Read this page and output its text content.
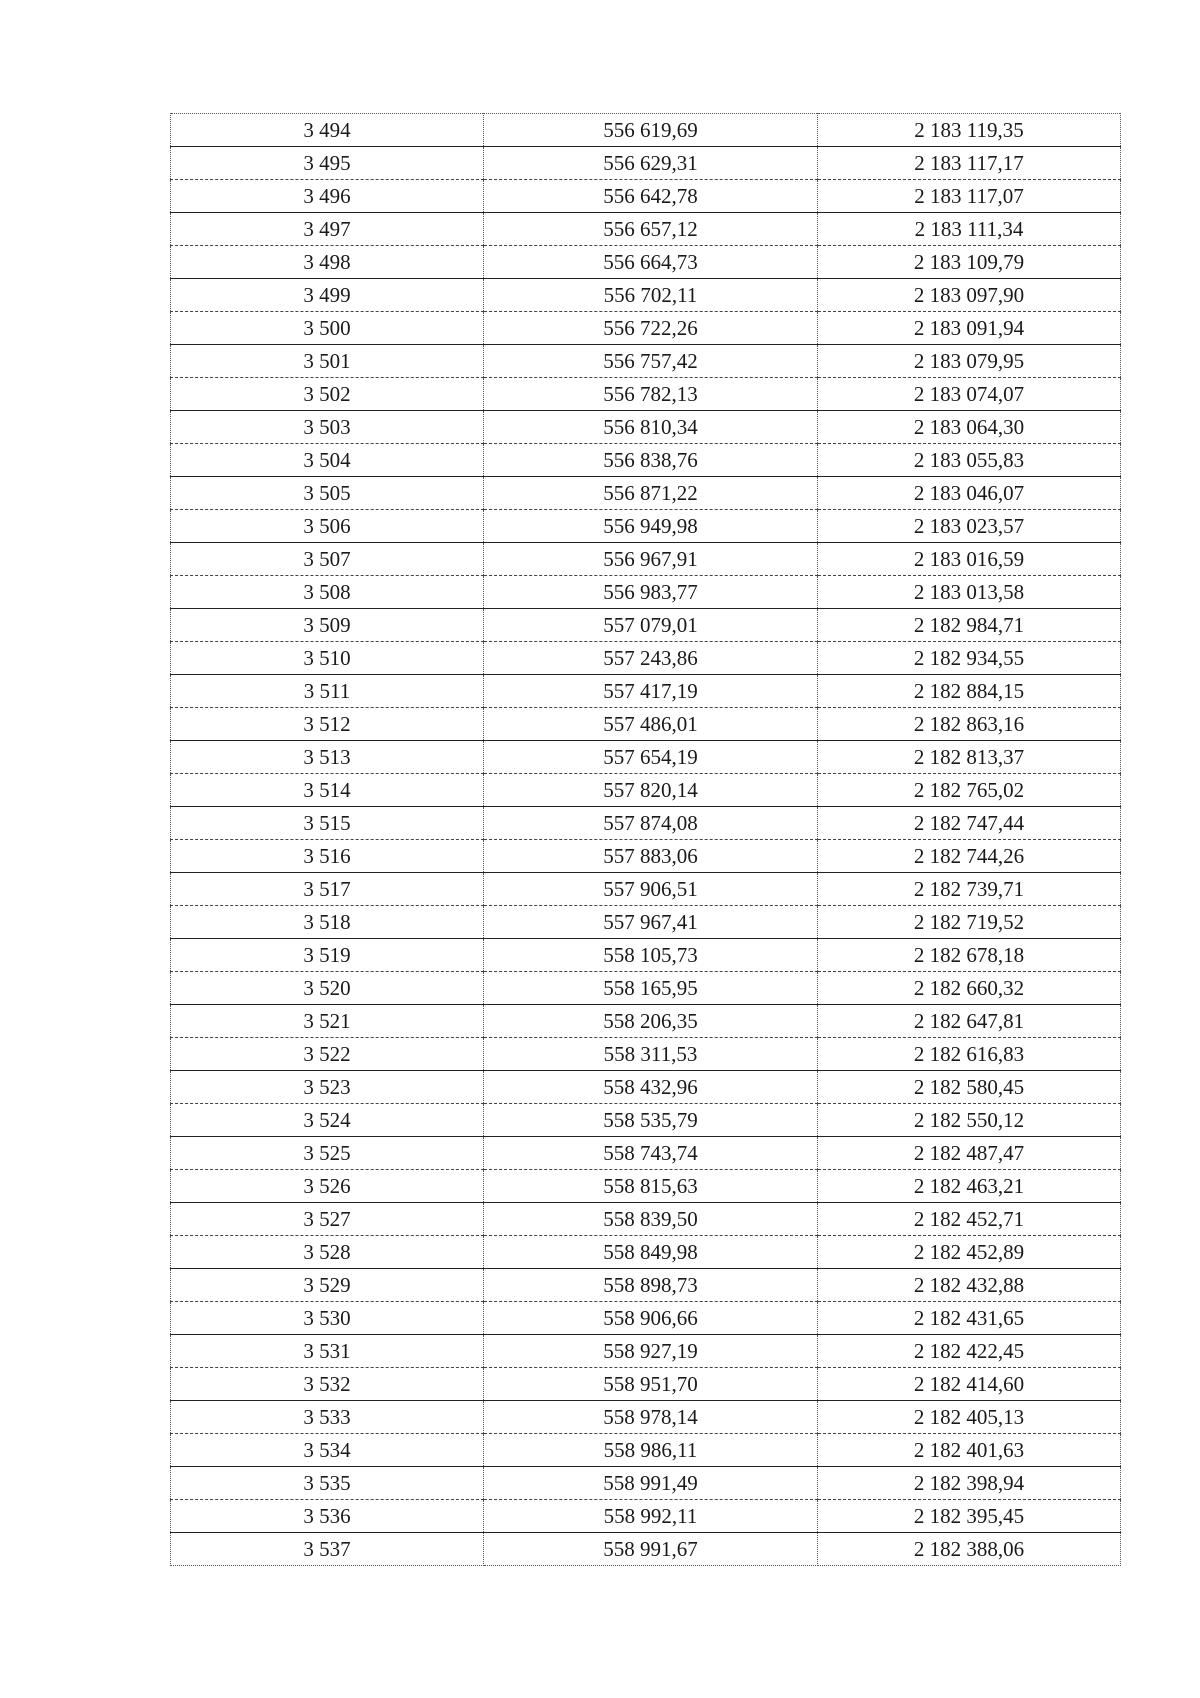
3 494	556 619,69	2 183 119,35
3 495	556 629,31	2 183 117,17
3 496	556 642,78	2 183 117,07
3 497	556 657,12	2 183 111,34
3 498	556 664,73	2 183 109,79
3 499	556 702,11	2 183 097,90
3 500	556 722,26	2 183 091,94
3 501	556 757,42	2 183 079,95
3 502	556 782,13	2 183 074,07
3 503	556 810,34	2 183 064,30
3 504	556 838,76	2 183 055,83
3 505	556 871,22	2 183 046,07
3 506	556 949,98	2 183 023,57
3 507	556 967,91	2 183 016,59
3 508	556 983,77	2 183 013,58
3 509	557 079,01	2 182 984,71
3 510	557 243,86	2 182 934,55
3 511	557 417,19	2 182 884,15
3 512	557 486,01	2 182 863,16
3 513	557 654,19	2 182 813,37
3 514	557 820,14	2 182 765,02
3 515	557 874,08	2 182 747,44
3 516	557 883,06	2 182 744,26
3 517	557 906,51	2 182 739,71
3 518	557 967,41	2 182 719,52
3 519	558 105,73	2 182 678,18
3 520	558 165,95	2 182 660,32
3 521	558 206,35	2 182 647,81
3 522	558 311,53	2 182 616,83
3 523	558 432,96	2 182 580,45
3 524	558 535,79	2 182 550,12
3 525	558 743,74	2 182 487,47
3 526	558 815,63	2 182 463,21
3 527	558 839,50	2 182 452,71
3 528	558 849,98	2 182 452,89
3 529	558 898,73	2 182 432,88
3 530	558 906,66	2 182 431,65
3 531	558 927,19	2 182 422,45
3 532	558 951,70	2 182 414,60
3 533	558 978,14	2 182 405,13
3 534	558 986,11	2 182 401,63
3 535	558 991,49	2 182 398,94
3 536	558 992,11	2 182 395,45
3 537	558 991,67	2 182 388,06
